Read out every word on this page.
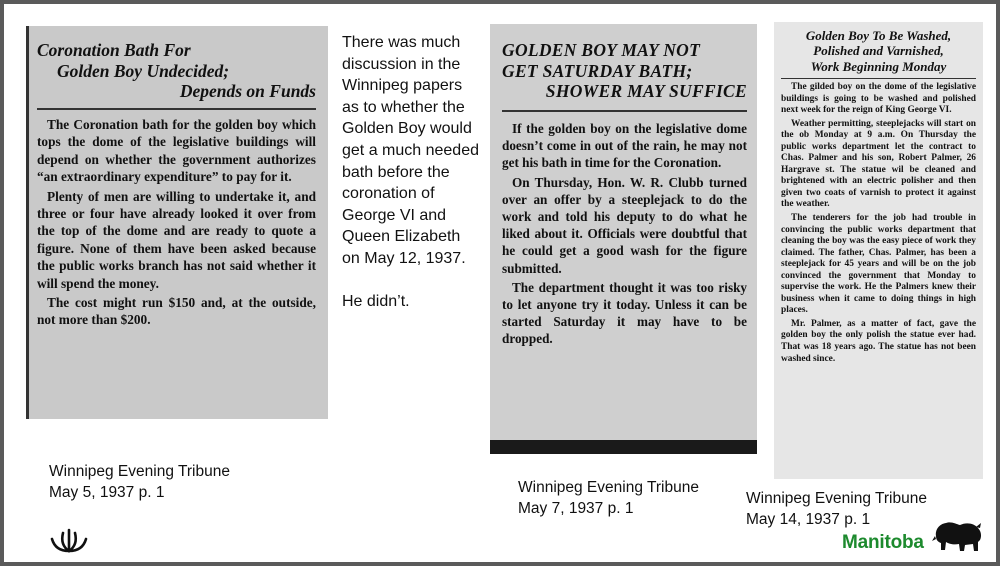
Coronation Bath For
Golden Boy Undecided;
Depends on Funds

The Coronation bath for the golden boy which tops the dome of the legislative buildings will depend on whether the government authorizes “an extraordinary expenditure” to pay for it.

Plenty of men are willing to undertake it, and three or four have already looked it over from the top of the dome and are ready to quote a figure. None of them have been asked because the public works branch has not said whether it will spend the money.

The cost might run $150 and, at the outside, not more than $200.

Winnipeg Evening Tribune
May 5, 1937 p. 1

There was much discussion in the Winnipeg papers as to whether the Golden Boy would get a much needed bath before the coronation of George VI and Queen Elizabeth on May 12, 1937.

He didn’t.

GOLDEN BOY MAY NOT
GET SATURDAY BATH;
SHOWER MAY SUFFICE

If the golden boy on the legislative dome doesn’t come in out of the rain, he may not get his bath in time for the Coronation.

On Thursday, Hon. W. R. Clubb turned over an offer by a steeplejack to do the work and told his deputy to do what he liked about it. Officials were doubtful that he could get a good wash for the figure submitted.

The department thought it was too risky to let anyone try it today. Unless it can be started Saturday it may have to be dropped.

Winnipeg Evening Tribune
May 7, 1937 p. 1
Golden Boy To Be Washed,
Polished and Varnished,
Work Beginning Monday

The gilded boy on the dome of the legislative buildings is going to be washed and polished next week for the reign of King George VI.

Weather permitting, steeplejacks will start on the ob Monday at 9 a.m. On Thursday the public works department let the contract to Chas. Palmer and his son, Robert Palmer, 26 Hargrave st. The statue wil be cleaned and brightened with an electric polisher and then given two coats of varnish to protect it against the weather.

The tenderers for the job had trouble in convincing the public works department that cleaning the boy was the easy piece of work they claimed. The father, Chas. Palmer, has been a steeplejack for 45 years and will be on the job convinced the government that Monday to supervise the work. He the Palmers knew their business when it came to doing things in high places.

Mr. Palmer, as a matter of fact, gave the golden boy the only polish the statue ever had. That was 18 years ago. The statue has not been washed since.

Winnipeg Evening Tribune
May 14, 1937 p. 1
Manitoba
